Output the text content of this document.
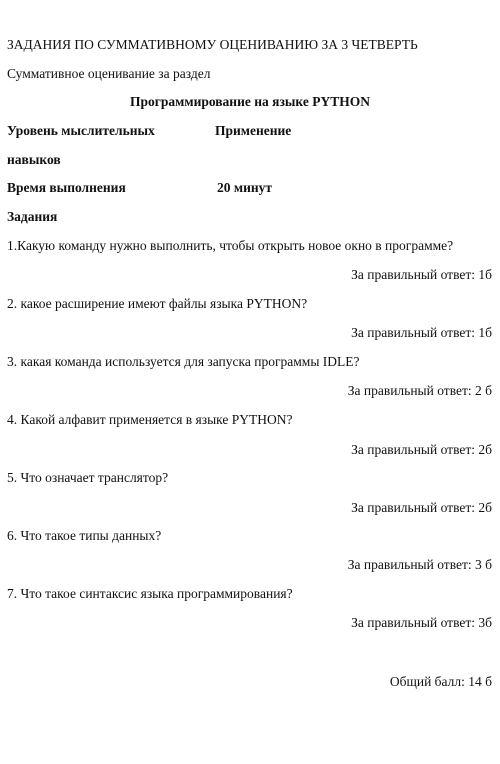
ЗАДАНИЯ ПО СУММАТИВНОМУ ОЦЕНИВАНИЮ ЗА 3 ЧЕТВЕРТЬ
Суммативное оценивание за раздел
Программирование на языке PYTHON
Уровень мыслительных	Применение
навыков
Время выполнения	20 минут
Задания
1.Какую команду нужно выполнить, чтобы открыть новое окно в программе?
За правильный ответ: 1б
2. какое расширение имеют файлы языка PYTHON?
За правильный ответ: 1б
3. какая команда используется для запуска программы IDLE?
За правильный ответ: 2 б
4. Какой алфавит применяется в языке PYTHON?
За правильный ответ: 2б
5. Что означает транслятор?
За правильный ответ: 2б
6. Что такое типы данных?
За правильный ответ: 3 б
7. Что такое синтаксис языка программирования?
За правильный ответ: 3б
Общий балл: 14 б
